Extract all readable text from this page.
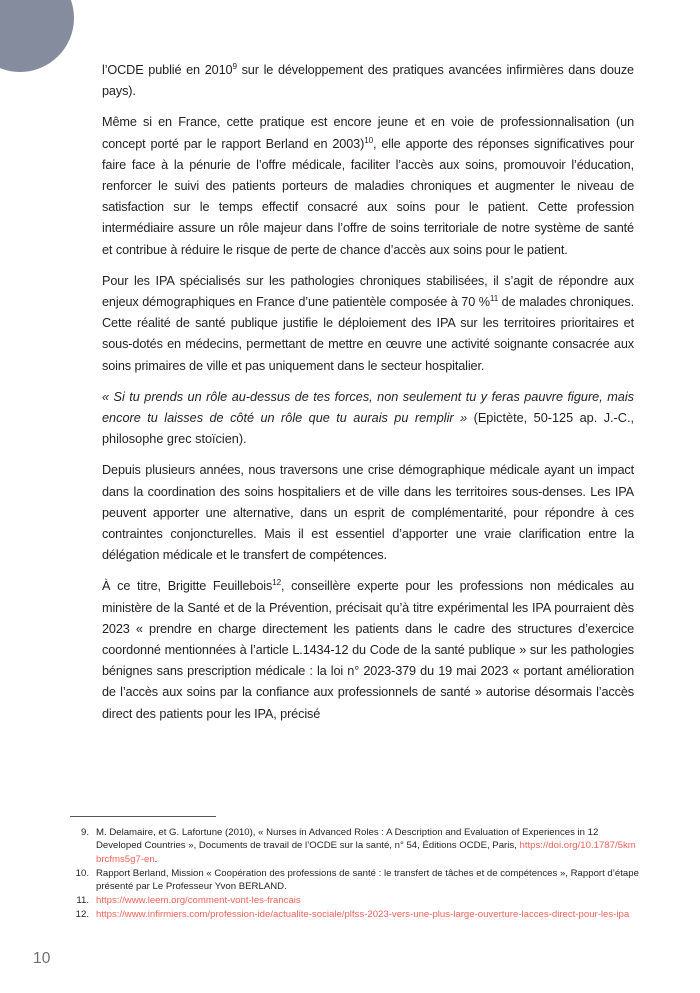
l’OCDE publié en 2010$^9$ sur le développement des pratiques avancées infirmières dans douze pays).

Même si en France, cette pratique est encore jeune et en voie de professionnalisation (un concept porté par le rapport Berland en 2003)$^{10}$, elle apporte des réponses significatives pour faire face à la pénurie de l’offre médicale, faciliter l’accès aux soins, promouvoir l’éducation, renforcer le suivi des patients porteurs de maladies chroniques et augmenter le niveau de satisfaction sur le temps effectif consacré aux soins pour le patient. Cette profession intermédiaire assure un rôle majeur dans l’offre de soins territoriale de notre système de santé et contribue à réduire le risque de perte de chance d’accès aux soins pour le patient.

Pour les IPA spécialisés sur les pathologies chroniques stabilisées, il s’agit de répondre aux enjeux démographiques en France d’une patientèle composée à 70 %$^{11}$ de malades chroniques. Cette réalité de santé publique justifie le déploiement des IPA sur les territoires prioritaires et sous-dotés en médecins, permettant de mettre en œuvre une activité soignante consacrée aux soins primaires de ville et pas uniquement dans le secteur hospitalier.

« Si tu prends un rôle au-dessus de tes forces, non seulement tu y feras pauvre figure, mais encore tu laisses de côté un rôle que tu aurais pu remplir » (Epictète, 50-125 ap. J.-C., philosophe grec stoïcien).

Depuis plusieurs années, nous traversons une crise démographique médicale ayant un impact dans la coordination des soins hospitaliers et de ville dans les territoires sous-denses. Les IPA peuvent apporter une alternative, dans un esprit de complémentarité, pour répondre à ces contraintes conjoncturelles. Mais il est essentiel d’apporter une vraie clarification entre la délégation médicale et le transfert de compétences.

À ce titre, Brigitte Feuillebois$^{12}$, conseillère experte pour les professions non médicales au ministère de la Santé et de la Prévention, précisait qu’à titre expérimental les IPA pourraient dès 2023 « prendre en charge directement les patients dans le cadre des structures d’exercice coordonné mentionnées à l’article L.1434-12 du Code de la santé publique » sur les pathologies bénignes sans prescription médicale : la loi n° 2023-379 du 19 mai 2023 « portant amélioration de l’accès aux soins par la confiance aux professionnels de santé » autorise désormais l’accès direct des patients pour les IPA, précisé

9. M. Delamaire, et G. Lafortune (2010), « Nurses in Advanced Roles : A Description and Evaluation of Experiences in 12 Developed Countries », Documents de travail de l’OCDE sur la santé, n° 54, Éditions OCDE, Paris, https://doi.org/10.1787/5kmbrcfms5g7-en.
10. Rapport Berland, Mission « Coopération des professions de santé : le transfert de tâches et de compétences », Rapport d’étape présenté par Le Professeur Yvon BERLAND.
11. https://www.leem.org/comment-vont-les-francais
12. https://www.infirmiers.com/profession-ide/actualite-sociale/plfss-2023-vers-une-plus-large-ouverture-lacces-direct-pour-les-ipa
10
